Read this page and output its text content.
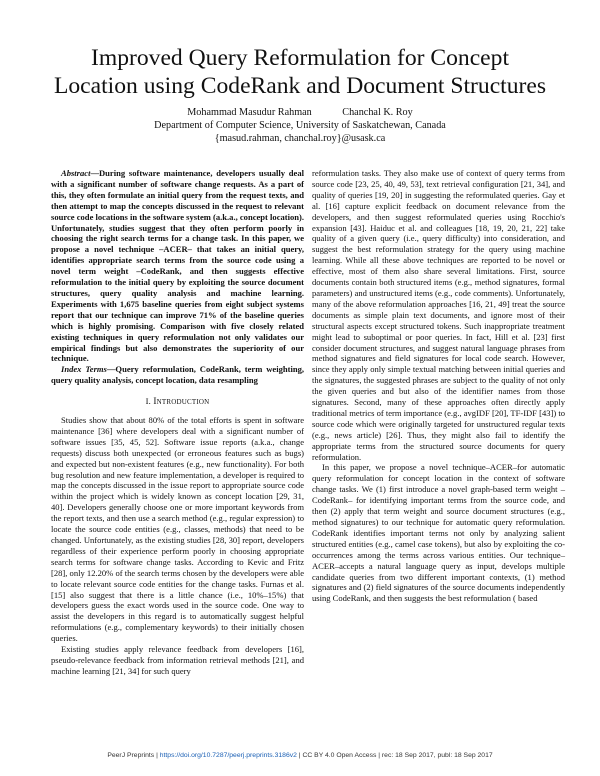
Improved Query Reformulation for Concept
Location using CodeRank and Document Structures
Mohammad Masudur Rahman	Chanchal K. Roy
Department of Computer Science, University of Saskatchewan, Canada
{masud.rahman, chanchal.roy}@usask.ca

Abstract—During software maintenance, developers usually deal with a significant number of software change requests. As a part of this, they often formulate an initial query from the request texts, and then attempt to map the concepts discussed in the request to relevant source code locations in the software system (a.k.a., concept location). Unfortunately, studies suggest that they often perform poorly in choosing the right search terms for a change task. In this paper, we propose a novel technique –ACER– that takes an initial query, identifies appropriate search terms from the source code using a novel term weight –CodeRank, and then suggests effective reformulation to the initial query by exploiting the source document structures, query quality analysis and machine learning. Experiments with 1,675 baseline queries from eight subject systems report that our technique can improve 71% of the baseline queries which is highly promising. Comparison with five closely related existing techniques in query reformulation not only validates our empirical findings but also demonstrates the superiority of our technique.

Index Terms—Query reformulation, CodeRank, term weighting, query quality analysis, concept location, data resampling

I. Introduction

Studies show that about 80% of the total efforts is spent in software maintenance [36] where developers deal with a significant number of software issues [35, 45, 52]. Software issue reports (a.k.a., change requests) discuss both unexpected (or erroneous features such as bugs) and expected but non-existent features (e.g., new functionality). For both bug resolution and new feature implementation, a developer is required to map the concepts discussed in the issue report to appropriate source code within the project which is widely known as concept location [29, 31, 40]. Developers generally choose one or more important keywords from the report texts, and then use a search method (e.g., regular expression) to locate the source code entities (e.g., classes, methods) that need to be changed. Unfortunately, as the existing studies [28, 30] report, developers regardless of their experience perform poorly in choosing appropriate search terms for software change tasks. According to Kevic and Fritz [28], only 12.20% of the search terms chosen by the developers were able to locate relevant source code entities for the change tasks. Furnas et al. [15] also suggest that there is a little chance (i.e., 10%–15%) that developers guess the exact words used in the source code. One way to assist the developers in this regard is to automatically suggest helpful reformulations (e.g., complementary keywords) to their initially chosen queries.

Existing studies apply relevance feedback from developers [16], pseudo-relevance feedback from information retrieval methods [21], and machine learning [21, 34] for such query

reformulation tasks. They also make use of context of query terms from source code [23, 25, 40, 49, 53], text retrieval configuration [21, 34], and quality of queries [19, 20] in suggesting the reformulated queries. Gay et al. [16] capture explicit feedback on document relevance from the developers, and then suggest reformulated queries using Rocchio's expansion [43]. Haiduc et al. and colleagues [18, 19, 20, 21, 22] take quality of a given query (i.e., query difficulty) into consideration, and suggest the best reformulation strategy for the query using machine learning. While all these above techniques are reported to be novel or effective, most of them also share several limitations. First, source documents contain both structured items (e.g., method signatures, formal parameters) and unstructured items (e.g., code comments). Unfortunately, many of the above reformulation approaches [16, 21, 49] treat the source documents as simple plain text documents, and ignore most of their structural aspects except structured tokens. Such inappropriate treatment might lead to suboptimal or poor queries. In fact, Hill et al. [23] first consider document structures, and suggest natural language phrases from method signatures and field signatures for local code search. However, since they apply only simple textual matching between initial queries and the signatures, the suggested phrases are subject to the quality of not only the given queries and but also of the identifier names from those signatures. Second, many of these approaches often directly apply traditional metrics of term importance (e.g., avgIDF [20], TF-IDF [43]) to source code which were originally targeted for unstructured regular texts (e.g., news article) [26]. Thus, they might also fail to identify the appropriate terms from the structured source documents for query reformulation.

In this paper, we propose a novel technique–ACER–for automatic query reformulation for concept location in the context of software change tasks. We (1) first introduce a novel graph-based term weight –CodeRank– for identifying important terms from the source code, and then (2) apply that term weight and source document structures (e.g., method signatures) to our technique for automatic query reformulation. CodeRank identifies important terms not only by analyzing salient structured entities (e.g., camel case tokens), but also by exploiting the co-occurrences among the terms across various entities. Our technique–ACER–accepts a natural language query as input, develops multiple candidate queries from two different important contexts, (1) method signatures and (2) field signatures of the source documents independently using CodeRank, and then suggests the best reformulation ( based

PeerJ Preprints | https://doi.org/10.7287/peerj.preprints.3186v2 | CC BY 4.0 Open Access | rec: 18 Sep 2017, publ: 18 Sep 2017
